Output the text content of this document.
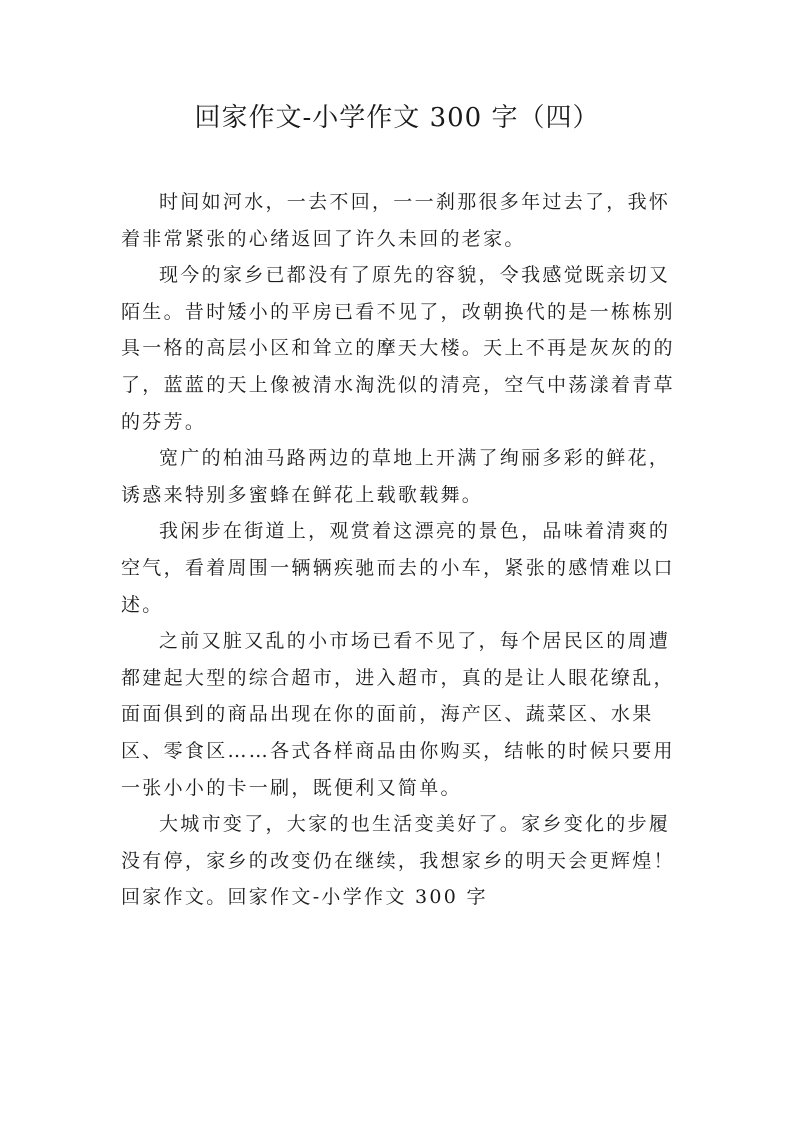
回家作文-小学作文 300 字（四）

时间如河水，一去不回，一一刹那很多年过去了，我怀着非常紧张的心绪返回了许久未回的老家。

现今的家乡已都没有了原先的容貌，令我感觉既亲切又陌生。昔时矮小的平房已看不见了，改朝换代的是一栋栋别具一格的高层小区和耸立的摩天大楼。天上不再是灰灰的的了，蓝蓝的天上像被清水淘洗似的清亮，空气中荡漾着青草的芬芳。

宽广的柏油马路两边的草地上开满了绚丽多彩的鲜花，诱惑来特别多蜜蜂在鲜花上载歌载舞。

我闲步在街道上，观赏着这漂亮的景色，品味着清爽的空气，看着周围一辆辆疾驰而去的小车，紧张的感情难以口述。

之前又脏又乱的小市场已看不见了，每个居民区的周遭都建起大型的综合超市，进入超市，真的是让人眼花缭乱，面面俱到的商品出现在你的面前，海产区、蔬菜区、水果区、零食区……各式各样商品由你购买，结帐的时候只要用一张小小的卡一刷，既便利又简单。

大城市变了，大家的也生活变美好了。家乡变化的步履没有停，家乡的改变仍在继续，我想家乡的明天会更辉煌！回家作文。回家作文-小学作文 300 字
